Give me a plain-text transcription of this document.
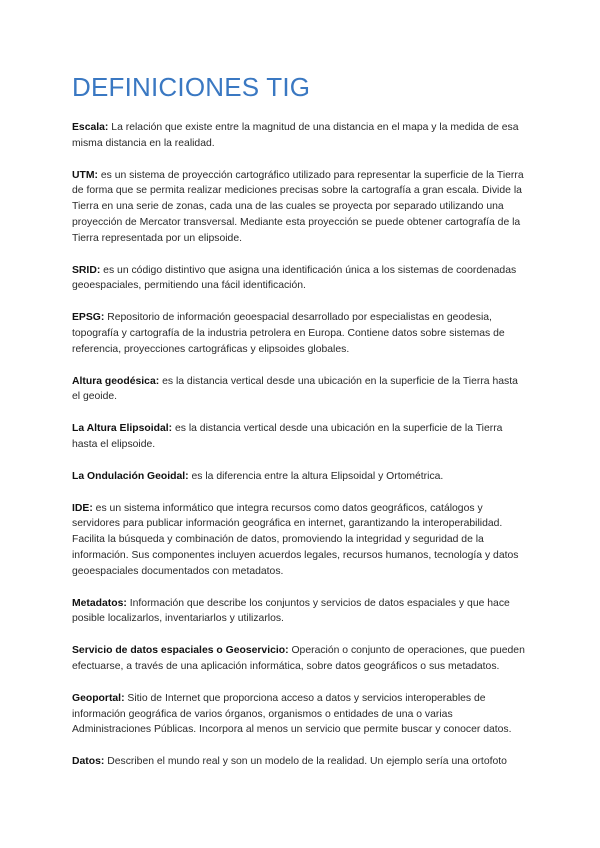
DEFINICIONES TIG

Escala: La relación que existe entre la magnitud de una distancia en el mapa y la medida de esa misma distancia en la realidad.

UTM: es un sistema de proyección cartográfico utilizado para representar la superficie de la Tierra de forma que se permita realizar mediciones precisas sobre la cartografía a gran escala. Divide la Tierra en una serie de zonas, cada una de las cuales se proyecta por separado utilizando una proyección de Mercator transversal. Mediante esta proyección se puede obtener cartografía de la Tierra representada por un elipsoide.

SRID: es un código distintivo que asigna una identificación única a los sistemas de coordenadas geoespaciales, permitiendo una fácil identificación.

EPSG: Repositorio de información geoespacial desarrollado por especialistas en geodesia, topografía y cartografía de la industria petrolera en Europa. Contiene datos sobre sistemas de referencia, proyecciones cartográficas y elipsoides globales.

Altura geodésica: es la distancia vertical desde una ubicación en la superficie de la Tierra hasta el geoide.

La Altura Elipsoidal: es la distancia vertical desde una ubicación en la superficie de la Tierra hasta el elipsoide.

La Ondulación Geoidal: es la diferencia entre la altura Elipsoidal y Ortométrica.

IDE: es un sistema informático que integra recursos como datos geográficos, catálogos y servidores para publicar información geográfica en internet, garantizando la interoperabilidad. Facilita la búsqueda y combinación de datos, promoviendo la integridad y seguridad de la información. Sus componentes incluyen acuerdos legales, recursos humanos, tecnología y datos geoespaciales documentados con metadatos.

Metadatos: Información que describe los conjuntos y servicios de datos espaciales y que hace posible localizarlos, inventariarlos y utilizarlos.

Servicio de datos espaciales o Geoservicio: Operación o conjunto de operaciones, que pueden efectuarse, a través de una aplicación informática, sobre datos geográficos o sus metadatos.

Geoportal: Sitio de Internet que proporciona acceso a datos y servicios interoperables de información geográfica de varios órganos, organismos o entidades de una o varias Administraciones Públicas. Incorpora al menos un servicio que permite buscar y conocer datos.

Datos: Describen el mundo real y son un modelo de la realidad. Un ejemplo sería una ortofoto
